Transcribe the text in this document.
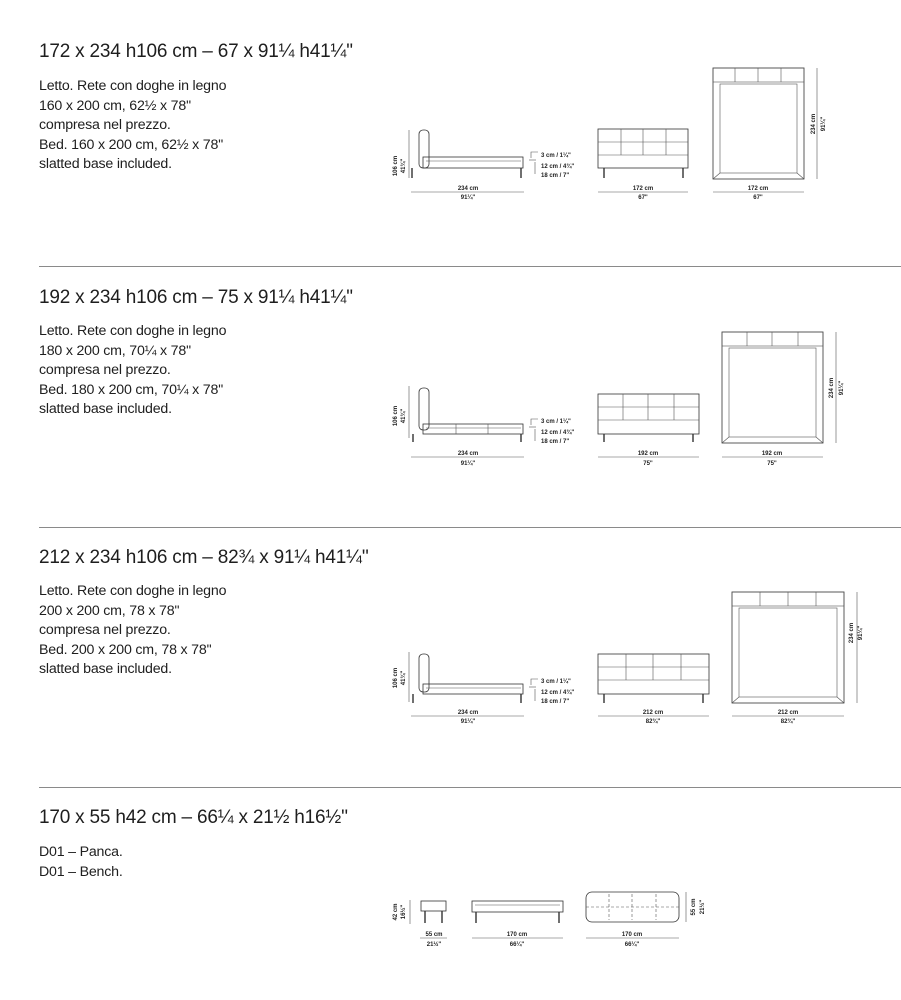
172 x 234 h106 cm – 67 x 91¼ h41¼''
Letto. Rete con doghe in legno
160 x 200 cm, 62½ x 78''
compresa nel prezzo.
Bed. 160 x 200 cm, 62½ x 78''
slatted base included.	106 cm 41¾"
234 cm
91¼"
3 cm / 1¼"
12 cm / 4¾"
18 cm / 7"
172 cm
67"
234 cm 91¼"
172 cm
67"
192 x 234 h106 cm – 75 x 91¼ h41¼''
Letto. Rete con doghe in legno
180 x 200 cm, 70¼ x 78''
compresa nel prezzo.
Bed. 180 x 200 cm, 70¼ x 78''
slatted base included.	106 cm 41¾"
234 cm
91¼"
3 cm / 1¼"
12 cm / 4¾"
18 cm / 7"
192 cm
75"
234 cm 91¼"
192 cm
75"
212 x 234 h106 cm – 82¾ x 91¼ h41¼''
Letto. Rete con doghe in legno
200 x 200 cm, 78 x 78''
compresa nel prezzo.
Bed. 200 x 200 cm, 78 x 78''
slatted base included.	106 cm 41¾"
234 cm
91¼"
3 cm / 1¼"
12 cm / 4¾"
18 cm / 7"
212 cm
82¾"
234 cm 91¼"
212 cm
82¾"
170 x 55 h42 cm – 66¼ x 21½ h16½''
D01 – Panca.
D01 – Bench.
42 cm 16½"
55 cm
21½"
170 cm
66¼"
55 cm 21½"
170 cm
66¼"
